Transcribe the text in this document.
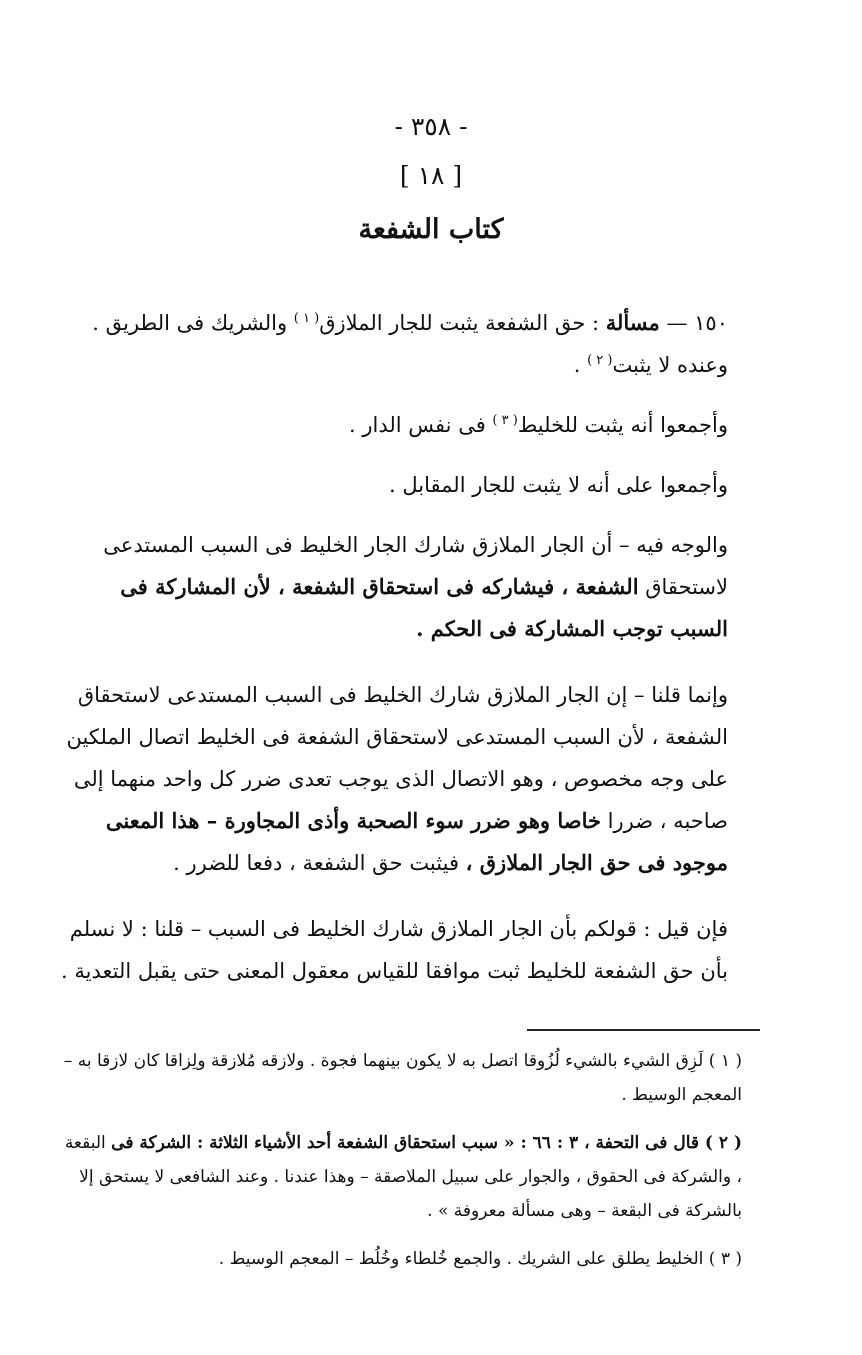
- ٣٥٨ -
[ ١٨ ]
كتاب الشفعة

١٥٠ — مسألة : حق الشفعة يثبت للجار الملازق$^{( ١ )}$ والشريك فى الطريق . وعنده لا يثبت$^{( ٢ )}$ .

وأجمعوا أنه يثبت للخليط$^{( ٣ )}$ فى نفس الدار .

وأجمعوا على أنه لا يثبت للجار المقابل .

والوجه فيه – أن الجار الملازق شارك الجار الخليط فى السبب المستدعى لاستحقاق الشفعة ، فيشاركه فى استحقاق الشفعة ، لأن المشاركة فى السبب توجب المشاركة فى الحكم .

وإنما قلنا – إن الجار الملازق شارك الخليط فى السبب المستدعى لاستحقاق الشفعة ، لأن السبب المستدعى لاستحقاق الشفعة فى الخليط اتصال الملكين على وجه مخصوص ، وهو الاتصال الذى يوجب تعدى ضرر كل واحد منهما إلى صاحبه ، ضررا خاصا وهو ضرر سوء الصحبة وأذى المجاورة – هذا المعنى موجود فى حق الجار الملازق ، فيثبت حق الشفعة ، دفعا للضرر .

فإن قيل : قولكم بأن الجار الملازق شارك الخليط فى السبب – قلنا : لا نسلم بأن حق الشفعة للخليط ثبت موافقا للقياس معقول المعنى حتى يقبل التعدية .

( ١ ) لَزِق الشيء بالشيء لُزُوقا اتصل به لا يكون بينهما فجوة . ولازقه مُلازقة ولِزاقا كان لازقا به – المعجم الوسيط .

( ٢ ) قال فى التحفة ، ٣ : ٦٦ : « سبب استحقاق الشفعة أحد الأشياء الثلاثة : الشركة فى البقعة ، والشركة فى الحقوق ، والجوار على سبيل الملاصقة – وهذا عندنا . وعند الشافعى لا يستحق إلا بالشركة فى البقعة – وهى مسألة معروفة » .

( ٣ ) الخليط يطلق على الشريك . والجمع خُلطاء وخُلُط – المعجم الوسيط .
